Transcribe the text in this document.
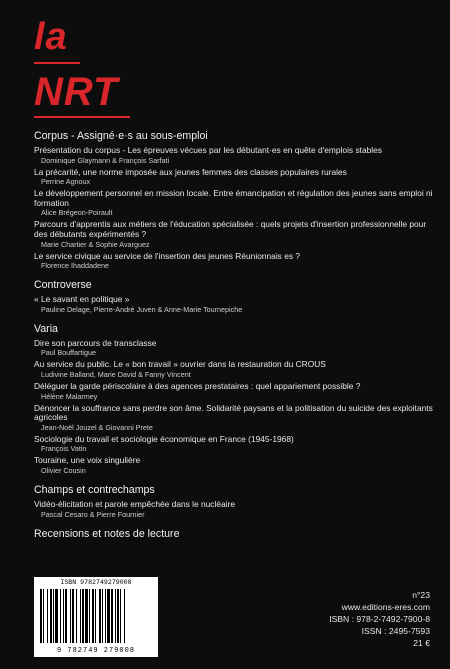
la
NRT
Corpus - Assigné·e·s au sous-emploi
Présentation du corpus - Les épreuves vécues par les débutant·es en quête d'emplois stables
Dominique Glaymann & François Sarfati
La précarité, une norme imposée aux jeunes femmes des classes populaires rurales
Perrine Agnoux
Le développement personnel en mission locale. Entre émancipation et régulation des jeunes sans emploi ni formation
Alice Brégeon-Poirault
Parcours d'apprentis aux métiers de l'éducation spécialisée : quels projets d'insertion professionnelle pour des débutants expérimentés ?
Marie Chartier & Sophie Avarguez
Le service civique au service de l'insertion des jeunes Réunionnais es ?
Florence Ihaddadene
Controverse
« Le savant en politique »
Pauline Delage, Pierre-André Juven & Anne-Marie Tournepiche
Varia
Dire son parcours de transclasse
Paul Bouffartigue
Au service du public. Le « bon travail » ouvrier dans la restauration du CROUS
Ludivine Balland, Marie David & Fanny Vincent
Déléguer la garde périscolaire à des agences prestataires : quel appariement possible ?
Hélène Malarmey
Dénoncer la souffrance sans perdre son âme. Solidarité paysans et la politisation du suicide des exploitants agricoles
Jean-Noël Jouzel & Giovanni Prete
Sociologie du travail et sociologie économique en France (1945-1968)
François Vatin
Touraine, une voix singulière
Olivier Cousin
Champs et contrechamps
Vidéo-élicitation et parole empêchée dans le nucléaire
Pascal Cesaro & Pierre Fournier
Recensions et notes de lecture
ISBN 9782749279008
9 782749 279008
n°23
www.editions-eres.com
ISBN : 978-2-7492-7900-8
ISSN : 2495-7593
21 €
